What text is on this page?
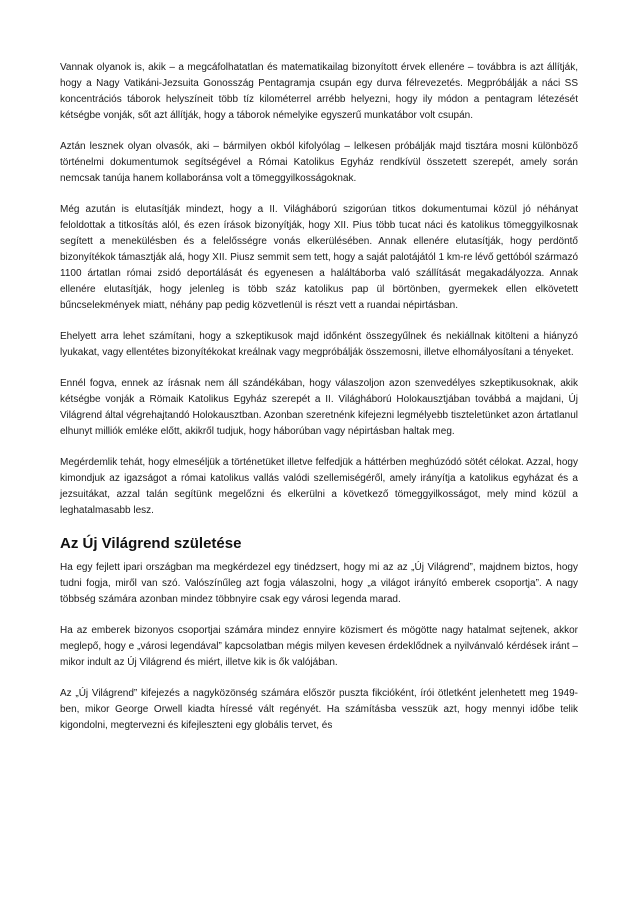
Vannak olyanok is, akik – a megcáfolhatatlan és matematikailag bizonyított érvek ellenére – továbbra is azt állítják, hogy a Nagy Vatikáni-Jezsuita Gonosszág Pentagramja csupán egy durva félrevezetés. Megpróbálják a náci SS koncentrációs táborok helyszíneit több tíz kilométerrel arrébb helyezni, hogy ily módon a pentagram létezését kétségbe vonják, sőt azt állítják, hogy a táborok némelyike egyszerű munkatábor volt csupán.

Aztán lesznek olyan olvasók, aki – bármilyen okból kifolyólag – lelkesen próbálják majd tisztára mosni különböző történelmi dokumentumok segítségével a Római Katolikus Egyház rendkívül összetett szerepét, amely során nemcsak tanúja hanem kollaboránsa volt a tömeggyilkosságoknak.

Még azután is elutasítják mindezt, hogy a II. Világháború szigorúan titkos dokumentumai közül jó néhányat feloldottak a titkosítás alól, és ezen írások bizonyítják, hogy XII. Pius több tucat náci és katolikus tömeggyilkosnak segített a menekülésben és a felelősségre vonás elkerülésében. Annak ellenére elutasítják, hogy perdöntő bizonyítékok támasztják alá, hogy XII. Piusz semmit sem tett, hogy a saját palotájától 1 km-re lévő gettóból származó 1100 ártatlan római zsidó deportálását és egyenesen a haláltáborba való szállítását megakadályozza. Annak ellenére elutasítják, hogy jelenleg is több száz katolikus pap ül börtönben, gyermekek ellen elkövetett bűncselekmények miatt, néhány pap pedig közvetlenül is részt vett a ruandai népirtásban.

Ehelyett arra lehet számítani, hogy a szkeptikusok majd időnként összegyűlnek és nekiállnak kitölteni a hiányzó lyukakat, vagy ellentétes bizonyítékokat kreálnak vagy megpróbálják összemosni, illetve elhomályosítani a tényeket.

Ennél fogva, ennek az írásnak nem áll szándékában, hogy válaszoljon azon szenvedélyes szkeptikusoknak, akik kétségbe vonják a Römaik Katolikus Egyház szerepét a II. Világháború Holokausztjában továbbá a majdani, Új Világrend által végrehajtandó Holokausztban. Azonban szeretnénk kifejezni legmélyebb tiszteletünket azon ártatlanul elhunyt milliók emléke előtt, akikről tudjuk, hogy háborúban vagy népirtásban haltak meg.

Megérdemlik tehát, hogy elmeséljük a történetüket illetve felfedjük a háttérben meghúzódó sötét célokat. Azzal, hogy kimondjuk az igazságot a római katolikus vallás valódi szellemiségéről, amely irányítja a katolikus egyházat és a jezsuitákat, azzal talán segítünk megelőzni és elkerülni a következő tömeggyilkosságot, mely mind közül a leghatalmasabb lesz.

Az Új Világrend születése

Ha egy fejlett ipari országban ma megkérdezel egy tinédzsert, hogy mi az az „Új Világrend”, majdnem biztos, hogy tudni fogja, miről van szó. Valószínűleg azt fogja válaszolni, hogy „a világot irányító emberek csoportja”. A nagy többség számára azonban mindez többnyire csak egy városi legenda marad.

Ha az emberek bizonyos csoportjai számára mindez ennyire közismert és mögötte nagy hatalmat sejtenek, akkor meglepő, hogy e „városi legendával” kapcsolatban mégis milyen kevesen érdeklődnek a nyilvánvaló kérdések iránt – mikor indult az Új Világrend és miért, illetve kik is ők valójában.

Az „Új Világrend” kifejezés a nagyközönség számára először puszta fikcióként, írói ötletként jelenhetett meg 1949-ben, mikor George Orwell kiadta híressé vált regényét. Ha számításba vesszük azt, hogy mennyi időbe telik kigondolni, megtervezni és kifejleszteni egy globális tervet, és
